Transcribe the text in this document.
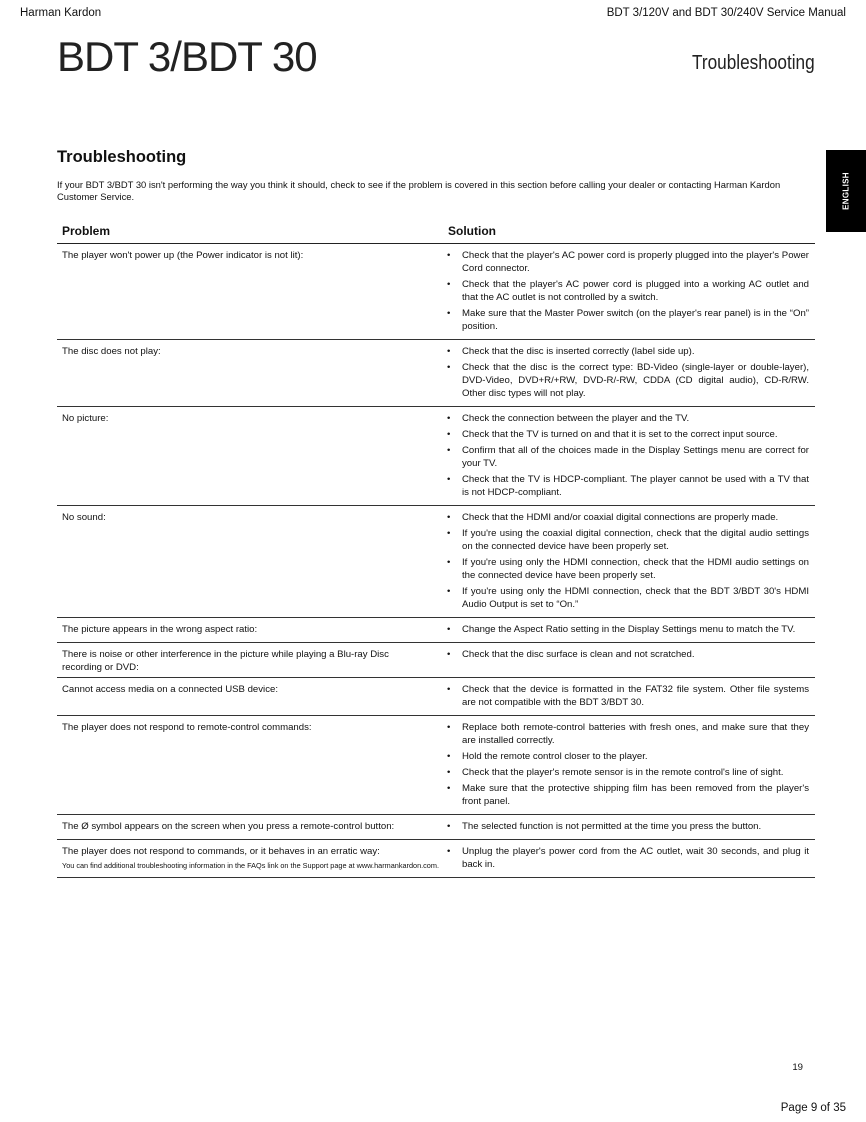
Harman Kardon	BDT 3/120V and BDT 30/240V Service Manual
BDT 3/BDT 30	Troubleshooting
ENGLISH
Troubleshooting
If your BDT 3/BDT 30 isn't performing the way you think it should, check to see if the problem is covered in this section before calling your dealer or contacting Harman Kardon Customer Service.
Problem	Solution
The player won't power up (the Power indicator is not lit):	• Check that the player's AC power cord is properly plugged into the player's Power Cord connector.
• Check that the player's AC power cord is plugged into a working AC outlet and that the AC outlet is not controlled by a switch.
• Make sure that the Master Power switch (on the player's rear panel) is in the “On” position.
The disc does not play:	• Check that the disc is inserted correctly (label side up).
• Check that the disc is the correct type: BD-Video (single-layer or double-layer), DVD-Video, DVD+R/+RW, DVD-R/-RW, CDDA (CD digital audio), CD-R/RW. Other disc types will not play.
No picture:	• Check the connection between the player and the TV.
• Check that the TV is turned on and that it is set to the correct input source.
• Confirm that all of the choices made in the Display Settings menu are correct for your TV.
• Check that the TV is HDCP-compliant. The player cannot be used with a TV that is not HDCP-compliant.
No sound:	• Check that the HDMI and/or coaxial digital connections are properly made.
• If you're using the coaxial digital connection, check that the digital audio settings on the connected device have been properly set.
• If you're using only the HDMI connection, check that the HDMI audio settings on the connected device have been properly set.
• If you're using only the HDMI connection, check that the BDT 3/BDT 30's HDMI Audio Output is set to “On.”
The picture appears in the wrong aspect ratio:	• Change the Aspect Ratio setting in the Display Settings menu to match the TV.
There is noise or other interference in the picture while playing a Blu-ray Disc recording or DVD:
• Check that the disc surface is clean and not scratched.
Cannot access media on a connected USB device:	• Check that the device is formatted in the FAT32 file system. Other file systems are not compatible with the BDT 3/BDT 30.
The player does not respond to remote-control commands:	• Replace both remote-control batteries with fresh ones, and make sure that they are installed correctly.
• Hold the remote control closer to the player.
• Check that the player's remote sensor is in the remote control's line of sight.
• Make sure that the protective shipping film has been removed from the player's front panel.
The Ø symbol appears on the screen when you press a remote-control button:	• The selected function is not permitted at the time you press the button.
The player does not respond to commands, or it behaves in an erratic way:	• Unplug the player's power cord from the AC outlet, wait 30 seconds, and plug it back in.
You can find additional troubleshooting information in the FAQs link on the Support page at www.harmankardon.com.
19
Page 9 of 35
